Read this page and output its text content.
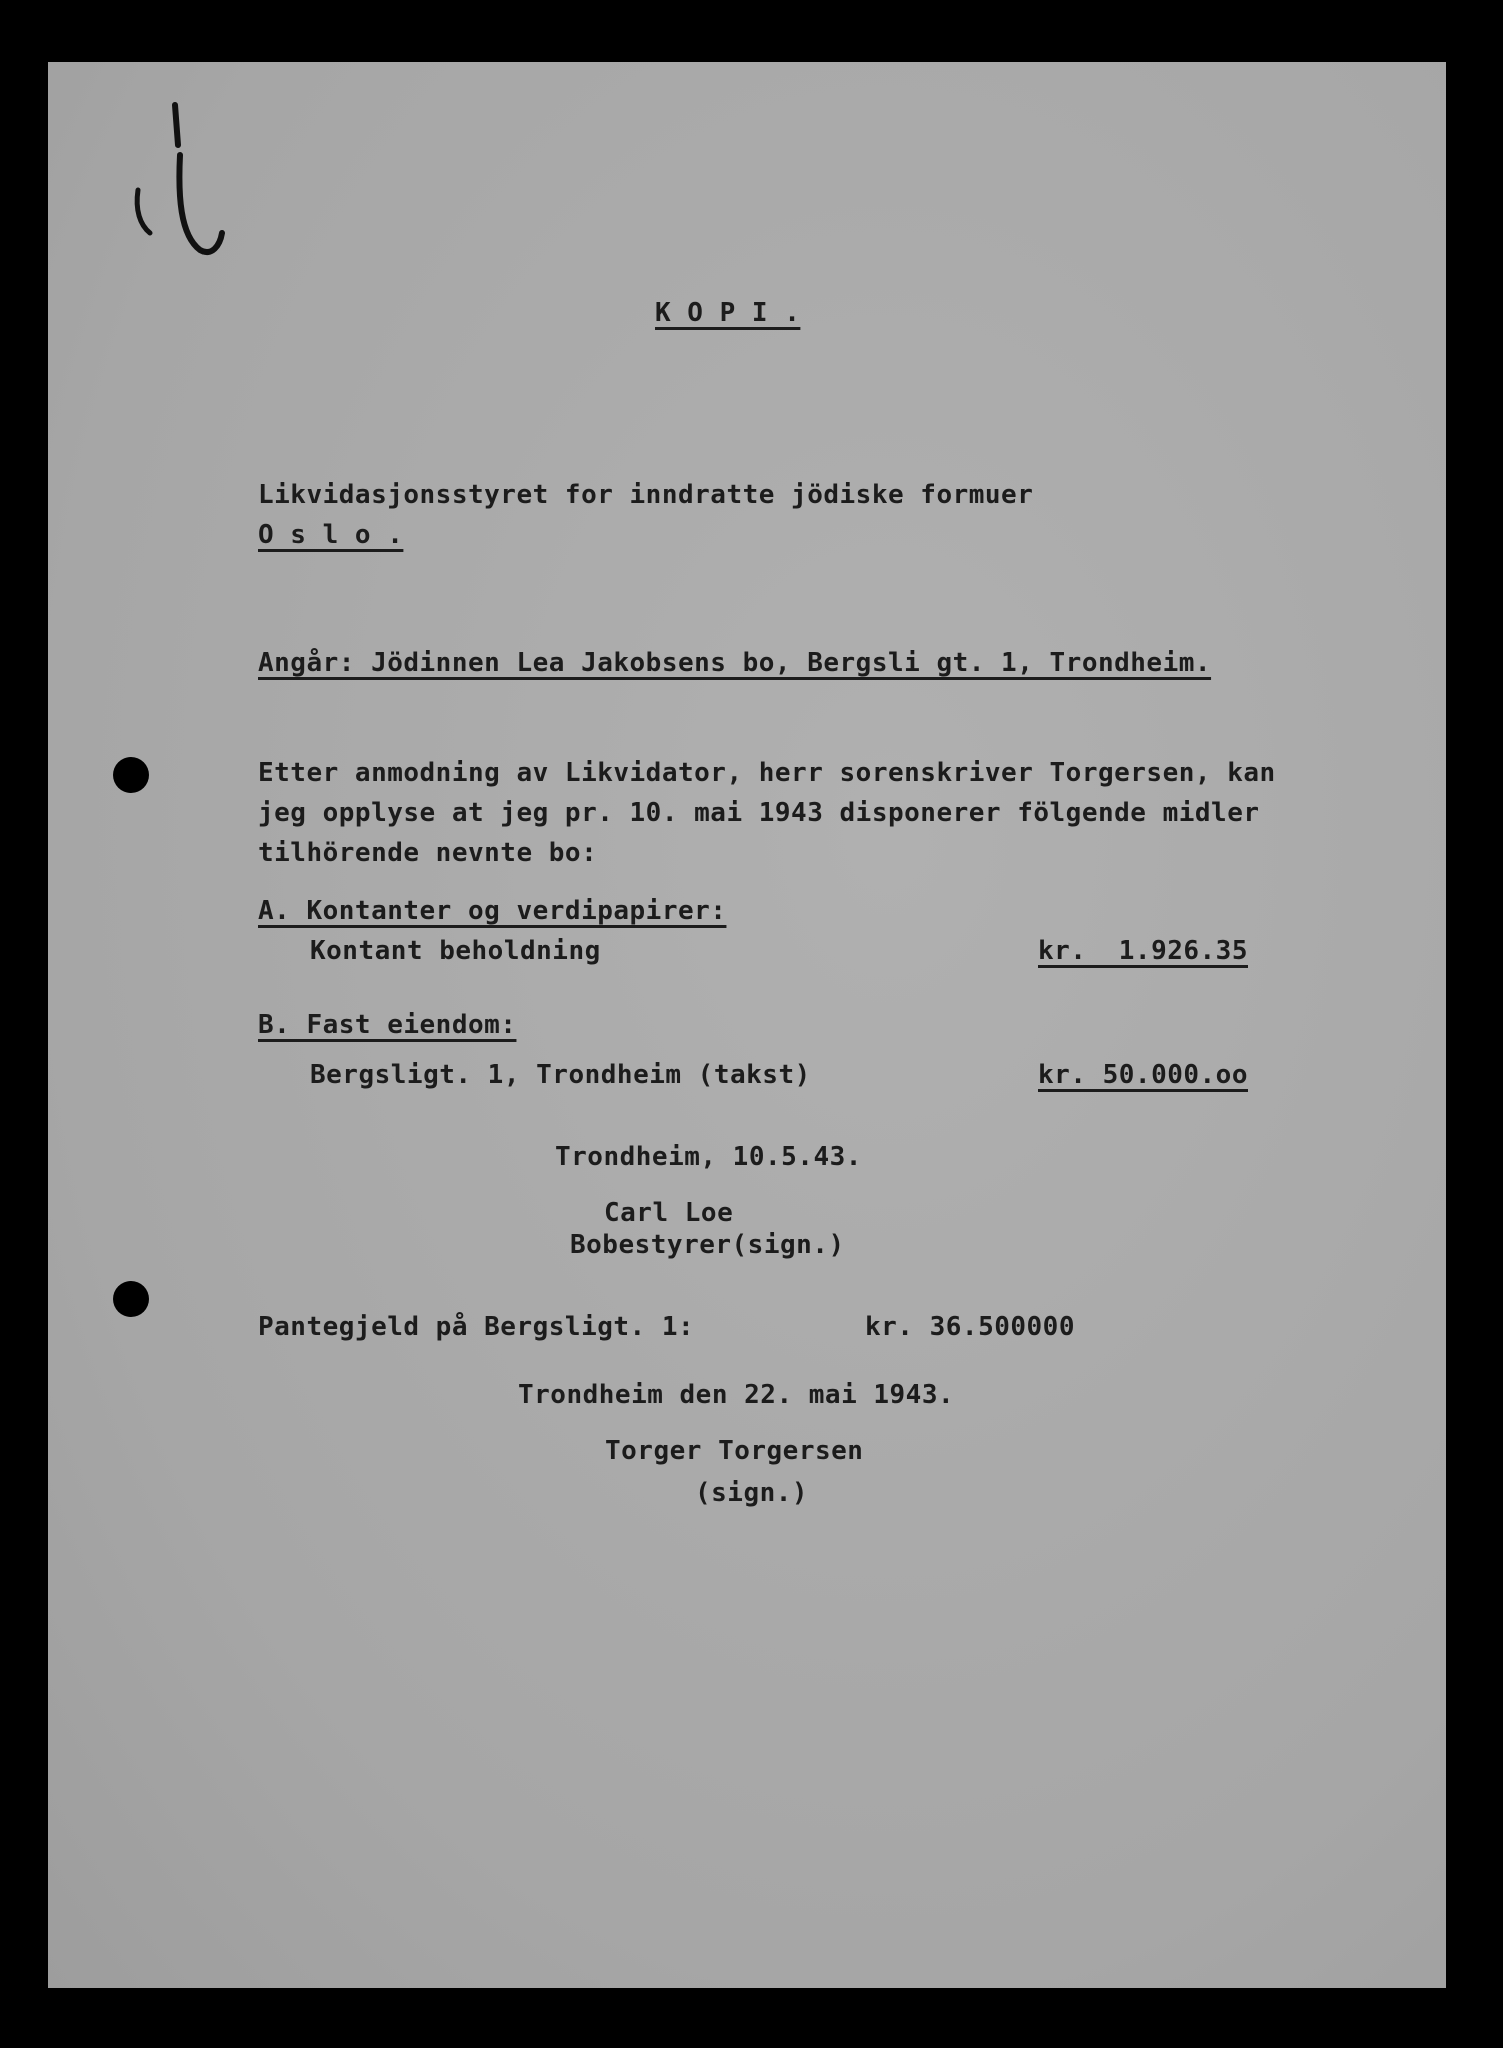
K O P I .
Likvidasjonsstyret for inndratte jödiske formuer
O s l o .
Angår: Jödinnen Lea Jakobsens bo, Bergsli gt. 1, Trondheim.
Etter anmodning av Likvidator, herr sorenskriver Torgersen, kan
jeg opplyse at jeg pr. 10. mai 1943 disponerer fölgende midler
tilhörende nevnte bo:
A. Kontanter og verdipapirer:
Kontant beholdning	kr.  1.926.35
B. Fast eiendom:
Bergsligt. 1, Trondheim (takst)	kr. 50.000.oo
Trondheim, 10.5.43.
Carl Loe
Bobestyrer(sign.)
Pantegjeld på Bergsligt. 1:	kr. 36.500000
Trondheim den 22. mai 1943.
Torger Torgersen
(sign.)
